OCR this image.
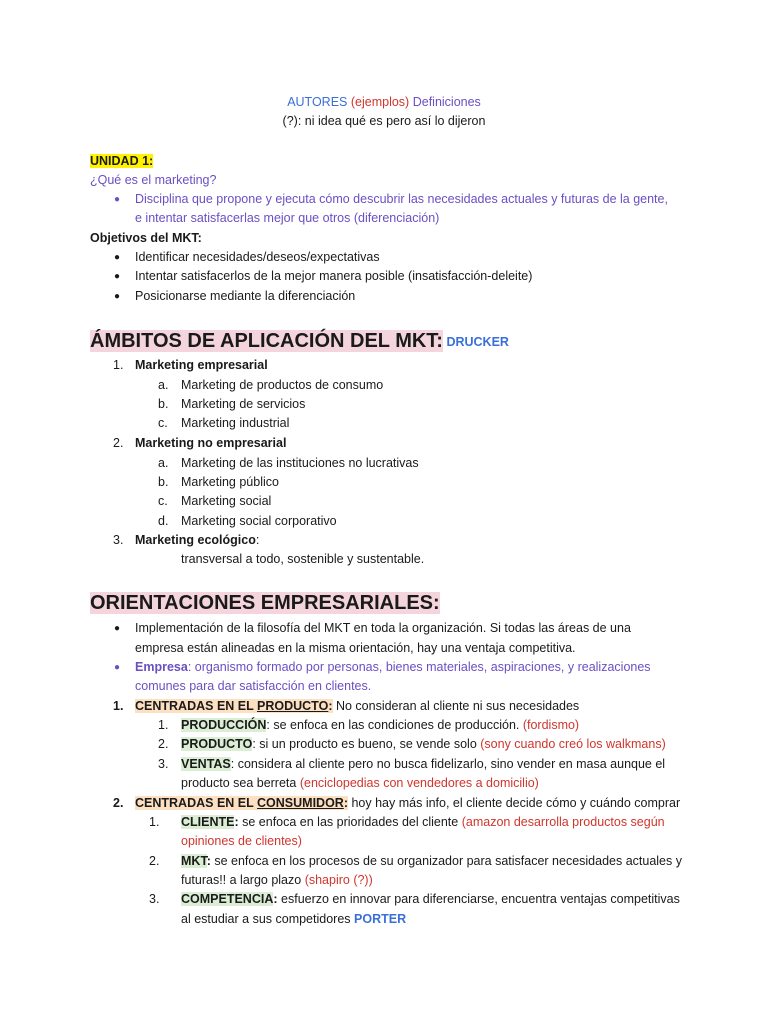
AUTORES (ejemplos) Definiciones
(?): ni idea qué es pero así lo dijeron
UNIDAD 1:
¿Qué es el marketing?
● Disciplina que propone y ejecuta cómo descubrir las necesidades actuales y futuras de la gente,
e intentar satisfacerlas mejor que otros (diferenciación)
Objetivos del MKT:
● Identificar necesidades/deseos/expectativas
● Intentar satisfacerlos de la mejor manera posible (insatisfacción-deleite)
● Posicionarse mediante la diferenciación
ÁMBITOS DE APLICACIÓN DEL MKT: DRUCKER
1. Marketing empresarial
a. Marketing de productos de consumo
b. Marketing de servicios
c. Marketing industrial
2. Marketing no empresarial
a. Marketing de las instituciones no lucrativas
b. Marketing público
c. Marketing social
d. Marketing social corporativo
3. Marketing ecológico:
transversal a todo, sostenible y sustentable.
ORIENTACIONES EMPRESARIALES:
● Implementación de la filosofía del MKT en toda la organización. Si todas las áreas de una
empresa están alineadas en la misma orientación, hay una ventaja competitiva.
● Empresa: organismo formado por personas, bienes materiales, aspiraciones, y realizaciones
comunes para dar satisfacción en clientes.
1. CENTRADAS EN EL PRODUCTO: No consideran al cliente ni sus necesidades
1. PRODUCCIÓN: se enfoca en las condiciones de producción. (fordismo)
2. PRODUCTO: si un producto es bueno, se vende solo (sony cuando creó los walkmans)
3. VENTAS: considera al cliente pero no busca fidelizarlo, sino vender en masa aunque el
producto sea berreta (enciclopedias con vendedores a domicilio)
2. CENTRADAS EN EL CONSUMIDOR: hoy hay más info, el cliente decide cómo y cuándo comprar
1. CLIENTE: se enfoca en las prioridades del cliente (amazon desarrolla productos según
opiniones de clientes)
2. MKT: se enfoca en los procesos de su organizador para satisfacer necesidades actuales y
futuras!! a largo plazo (shapiro (?))
3. COMPETENCIA: esfuerzo en innovar para diferenciarse, encuentra ventajas competitivas
al estudiar a sus competidores PORTER
